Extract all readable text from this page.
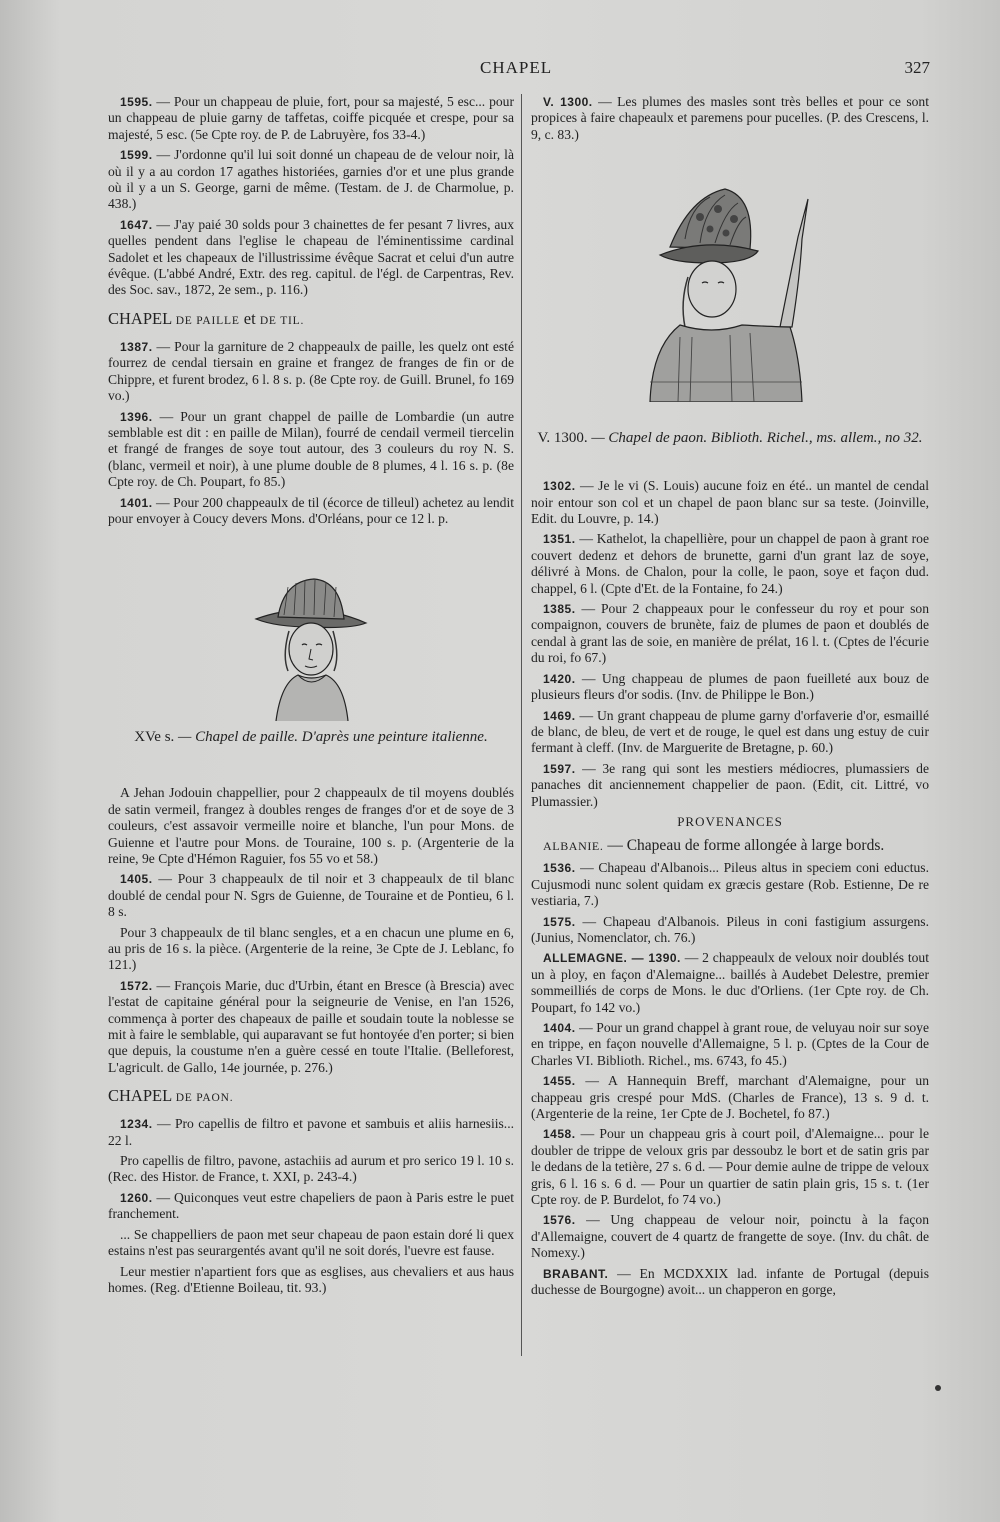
CHAPEL	327

1595. — Pour un chappeau de pluie, fort, pour sa majesté, 5 esc... pour un chappeau de pluie garny de taffetas, coiffe picquée et crespe, pour sa majesté, 5 esc. (5e Cpte roy. de P. de Labruyère, fos 33-4.)

1599. — J'ordonne qu'il lui soit donné un chapeau de de velour noir, là où il y a au cordon 17 agathes historiées, garnies d'or et une plus grande où il y a un S. George, garni de même. (Testam. de J. de Charmolue, p. 438.)

1647. — J'ay paié 30 solds pour 3 chainettes de fer pesant 7 livres, aux quelles pendent dans l'eglise le chapeau de l'éminentissime cardinal Sadolet et les chapeaux de l'illustrissime évêque Sacrat et celui d'un autre évêque. (L'abbé André, Extr. des reg. capitul. de l'égl. de Carpentras, Rev. des Soc. sav., 1872, 2e sem., p. 116.)

CHAPEL DE PAILLE et DE TIL.

1387. — Pour la garniture de 2 chappeaulx de paille, les quelz ont esté fourrez de cendal tiersain en graine et frangez de franges de fin or de Chippre, et furent brodez, 6 l. 8 s. p. (8e Cpte roy. de Guill. Brunel, fo 169 vo.)

1396. — Pour un grant chappel de paille de Lombardie (un autre semblable est dit : en paille de Milan), fourré de cendail vermeil tiercelin et frangé de franges de soye tout autour, des 3 couleurs du roy N. S. (blanc, vermeil et noir), à une plume double de 8 plumes, 4 l. 16 s. p. (8e Cpte roy. de Ch. Poupart, fo 85.)

1401. — Pour 200 chappeaulx de til (écorce de tilleul) achetez au lendit pour envoyer à Coucy devers Mons. d'Orléans, pour ce 12 l. p.

XVe s. — Chapel de paille. D'après une peinture italienne.

A Jehan Jodouin chappellier, pour 2 chappeaulx de til moyens doublés de satin vermeil, frangez à doubles renges de franges d'or et de soye de 3 couleurs, c'est assavoir vermeille noire et blanche, l'un pour Mons. de Guienne et l'autre pour Mons. de Touraine, 100 s. p. (Argenterie de la reine, 9e Cpte d'Hémon Raguier, fos 55 vo et 58.)

1405. — Pour 3 chappeaulx de til noir et 3 chappeaulx de til blanc doublé de cendal pour N. Sgrs de Guienne, de Touraine et de Pontieu, 6 l. 8 s.

Pour 3 chappeaulx de til blanc sengles, et a en chacun une plume en 6, au pris de 16 s. la pièce. (Argenterie de la reine, 3e Cpte de J. Leblanc, fo 121.)

1572. — François Marie, duc d'Urbin, étant en Bresce (à Brescia) avec l'estat de capitaine général pour la seigneurie de Venise, en l'an 1526, commença à porter des chapeaux de paille et soudain toute la noblesse se mit à faire le semblable, qui auparavant se fut hontoyée d'en porter; si bien que depuis, la coustume n'en a guère cessé en toute l'Italie. (Belleforest, L'agricult. de Gallo, 14e journée, p. 276.)

CHAPEL DE PAON.

1234. — Pro capellis de filtro et pavone et sambuis et aliis harnesiis... 22 l.

Pro capellis de filtro, pavone, astachiis ad aurum et pro serico 19 l. 10 s. (Rec. des Histor. de France, t. XXI, p. 243-4.)

1260. — Quiconques veut estre chapeliers de paon à Paris estre le puet franchement.

... Se chappelliers de paon met seur chapeau de paon estain doré li quex estains n'est pas seurargentés avant qu'il ne soit dorés, l'uevre est fause.

Leur mestier n'apartient fors que as esglises, aus chevaliers et aus haus homes. (Reg. d'Etienne Boileau, tit. 93.)

V. 1300. — Les plumes des masles sont très belles et pour ce sont propices à faire chapeaulx et paremens pour pucelles. (P. des Crescens, l. 9, c. 83.)

V. 1300. — Chapel de paon. Biblioth. Richel., ms. allem., no 32.

1302. — Je le vi (S. Louis) aucune foiz en été.. un mantel de cendal noir entour son col et un chapel de paon blanc sur sa teste. (Joinville, Edit. du Louvre, p. 14.)

1351. — Kathelot, la chapellière, pour un chappel de paon à grant roe couvert dedenz et dehors de brunette, garni d'un grant laz de soye, délivré à Mons. de Chalon, pour la colle, le paon, soye et façon dud. chappel, 6 l. (Cpte d'Et. de la Fontaine, fo 24.)

1385. — Pour 2 chappeaux pour le confesseur du roy et pour son compaignon, couvers de brunète, faiz de plumes de paon et doublés de cendal à grant las de soie, en manière de prélat, 16 l. t. (Cptes de l'écurie du roi, fo 67.)

1420. — Ung chappeau de plumes de paon fueilleté aux bouz de plusieurs fleurs d'or sodis. (Inv. de Philippe le Bon.)

1469. — Un grant chappeau de plume garny d'orfaverie d'or, esmaillé de blanc, de bleu, de vert et de rouge, le quel est dans ung estuy de cuir fermant à cleff. (Inv. de Marguerite de Bretagne, p. 60.)

1597. — 3e rang qui sont les mestiers médiocres, plumassiers de panaches dit anciennement chappelier de paon. (Edit, cit. Littré, vo Plumassier.)

PROVENANCES
ALBANIE. — Chapeau de forme allongée à large bords.

1536. — Chapeau d'Albanois... Pileus altus in speciem coni eductus. Cujusmodi nunc solent quidam ex græcis gestare (Rob. Estienne, De re vestiaria, 7.)

1575. — Chapeau d'Albanois. Pileus in coni fastigium assurgens. (Junius, Nomenclator, ch. 76.)

ALLEMAGNE. — 1390. — 2 chappeaulx de veloux noir doublés tout un à ploy, en façon d'Alemaigne... baillés à Audebet Delestre, premier sommeilliés de corps de Mons. le duc d'Orliens. (1er Cpte roy. de Ch. Poupart, fo 142 vo.)

1404. — Pour un grand chappel à grant roue, de veluyau noir sur soye en trippe, en façon nouvelle d'Allemaigne, 5 l. p. (Cptes de la Cour de Charles VI. Biblioth. Richel., ms. 6743, fo 45.)

1455. — A Hannequin Breff, marchant d'Alemaigne, pour un chappeau gris crespé pour MdS. (Charles de France), 13 s. 9 d. t. (Argenterie de la reine, 1er Cpte de J. Bochetel, fo 87.)

1458. — Pour un chappeau gris à court poil, d'Alemaigne... pour le doubler de trippe de veloux gris par dessoubz le bort et de satin gris par le dedans de la tetière, 27 s. 6 d. — Pour demie aulne de trippe de veloux gris, 6 l. 16 s. 6 d. — Pour un quartier de satin plain gris, 15 s. t. (1er Cpte roy. de P. Burdelot, fo 74 vo.)

1576. — Ung chappeau de velour noir, poinctu à la façon d'Allemaigne, couvert de 4 quartz de frangette de soye. (Inv. du chât. de Nomexy.)

BRABANT. — En MCDXXIX lad. infante de Portugal (depuis duchesse de Bourgogne) avoit... un chapperon en gorge,
